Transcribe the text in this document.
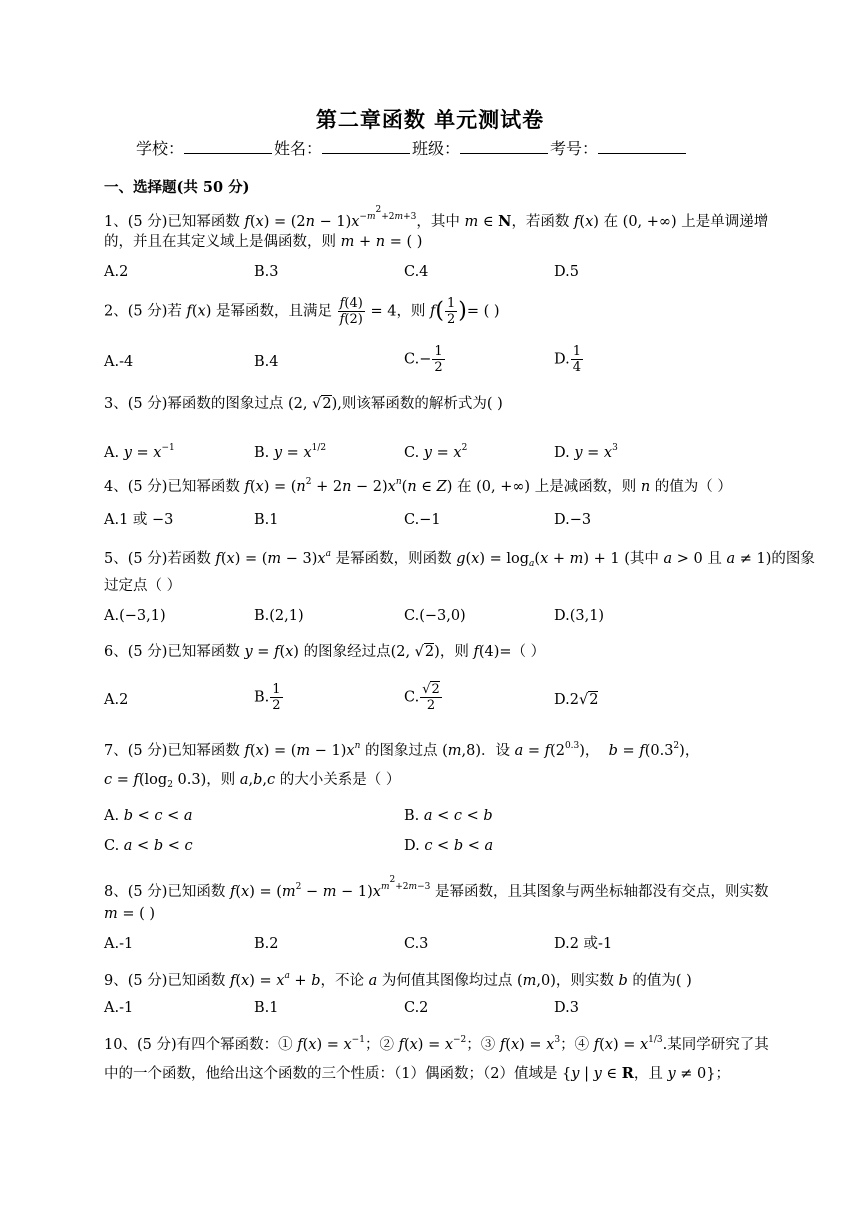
第二章函数 单元测试卷
学校：	姓名：	班级：	考号：
一、选择题(共 50 分)
1、(5 分)已知幂函数 $f(x) = (2n - 1)x^{-m^2+2m+3}$，其中 m ∈ N，若函数 f(x) 在 (0, +∞) 上是单调递增
的，并且在其定义域上是偶函数，则 m + n = ( )
A.2	B.3	C.4	D.5
2、(5 分)若 f(x) 是幂函数，且满足 $\frac{f(4)}{f(2)} = 4$，则 $f( \frac{1}{2}$ )= ( )
A.-4	B.4	$C.- \frac{1}{2}$	D. $\frac{1}{4}$
3、(5 分)幂函数的图象过点 (2, √2),则该幂函数的解析式为( )
A. $y = x^{-1}$	B. $y = x^{1/2}$	C. $y = x^2$	D. $y = x^3$
4、(5 分)已知幂函数 $f(x) = (n^2 + 2n - 2)x^n(n$ ∈ Z) 在 (0, +∞) 上是减函数，则 n 的值为（ ）
A.1 或 −3	B.1	C.−1	D.−3
5、(5 分)若函数 $f(x) = (m - 3)x^a$ 是幂函数，则函数 $g(x) = \log_a(x + m) + 1$ (其中 a > 0 且 a ≠ 1)的图象
过定点（ ）
A.(−3,1)	B.(2,1)	C.(−3,0)	D.(3,1)
6、(5 分)已知幂函数 y = f(x) 的图象经过点(2, √2)，则 f(4)=（ ）
A.2	B. $\frac{1}{2}$	C. $\frac{√2}{2}$	D.2√2
7、(5 分)已知幂函数 $f(x) = (m - 1)x^n$ 的图象过点 (m,8)．设 $a = f(2^{0.3})$，  $b = f(0.3^2)$，
$c = f(\log_2$ 0.3)，则 a,b,c 的大小关系是（ ）
A. b < c < a	B. a < c < b
C. a < b < c	D. c < b < a
8、(5 分)已知函数 $f(x) = (m^2 - m - 1)x^{m^2+2m-3}$ 是幂函数，且其图象与两坐标轴都没有交点，则实数
m = ( )
A.-1	B.2	C.3	D.2 或-1
9、(5 分)已知函数 $f(x) = x^a + b$，不论 a 为何值其图像均过点 (m,0)，则实数 b 的值为( )
A.-1	B.1	C.2	D.3
10、(5 分)有四个幂函数：① $f(x) = x^{-1}$；② $f(x) = x^{-2}$；③ $f(x) = x^3$；④ $f(x) = x^{1/3}$.某同学研究了其
中的一个函数，他给出这个函数的三个性质：（1）偶函数；（2）值域是 {y | y ∈ R，且 y ≠ 0}；
